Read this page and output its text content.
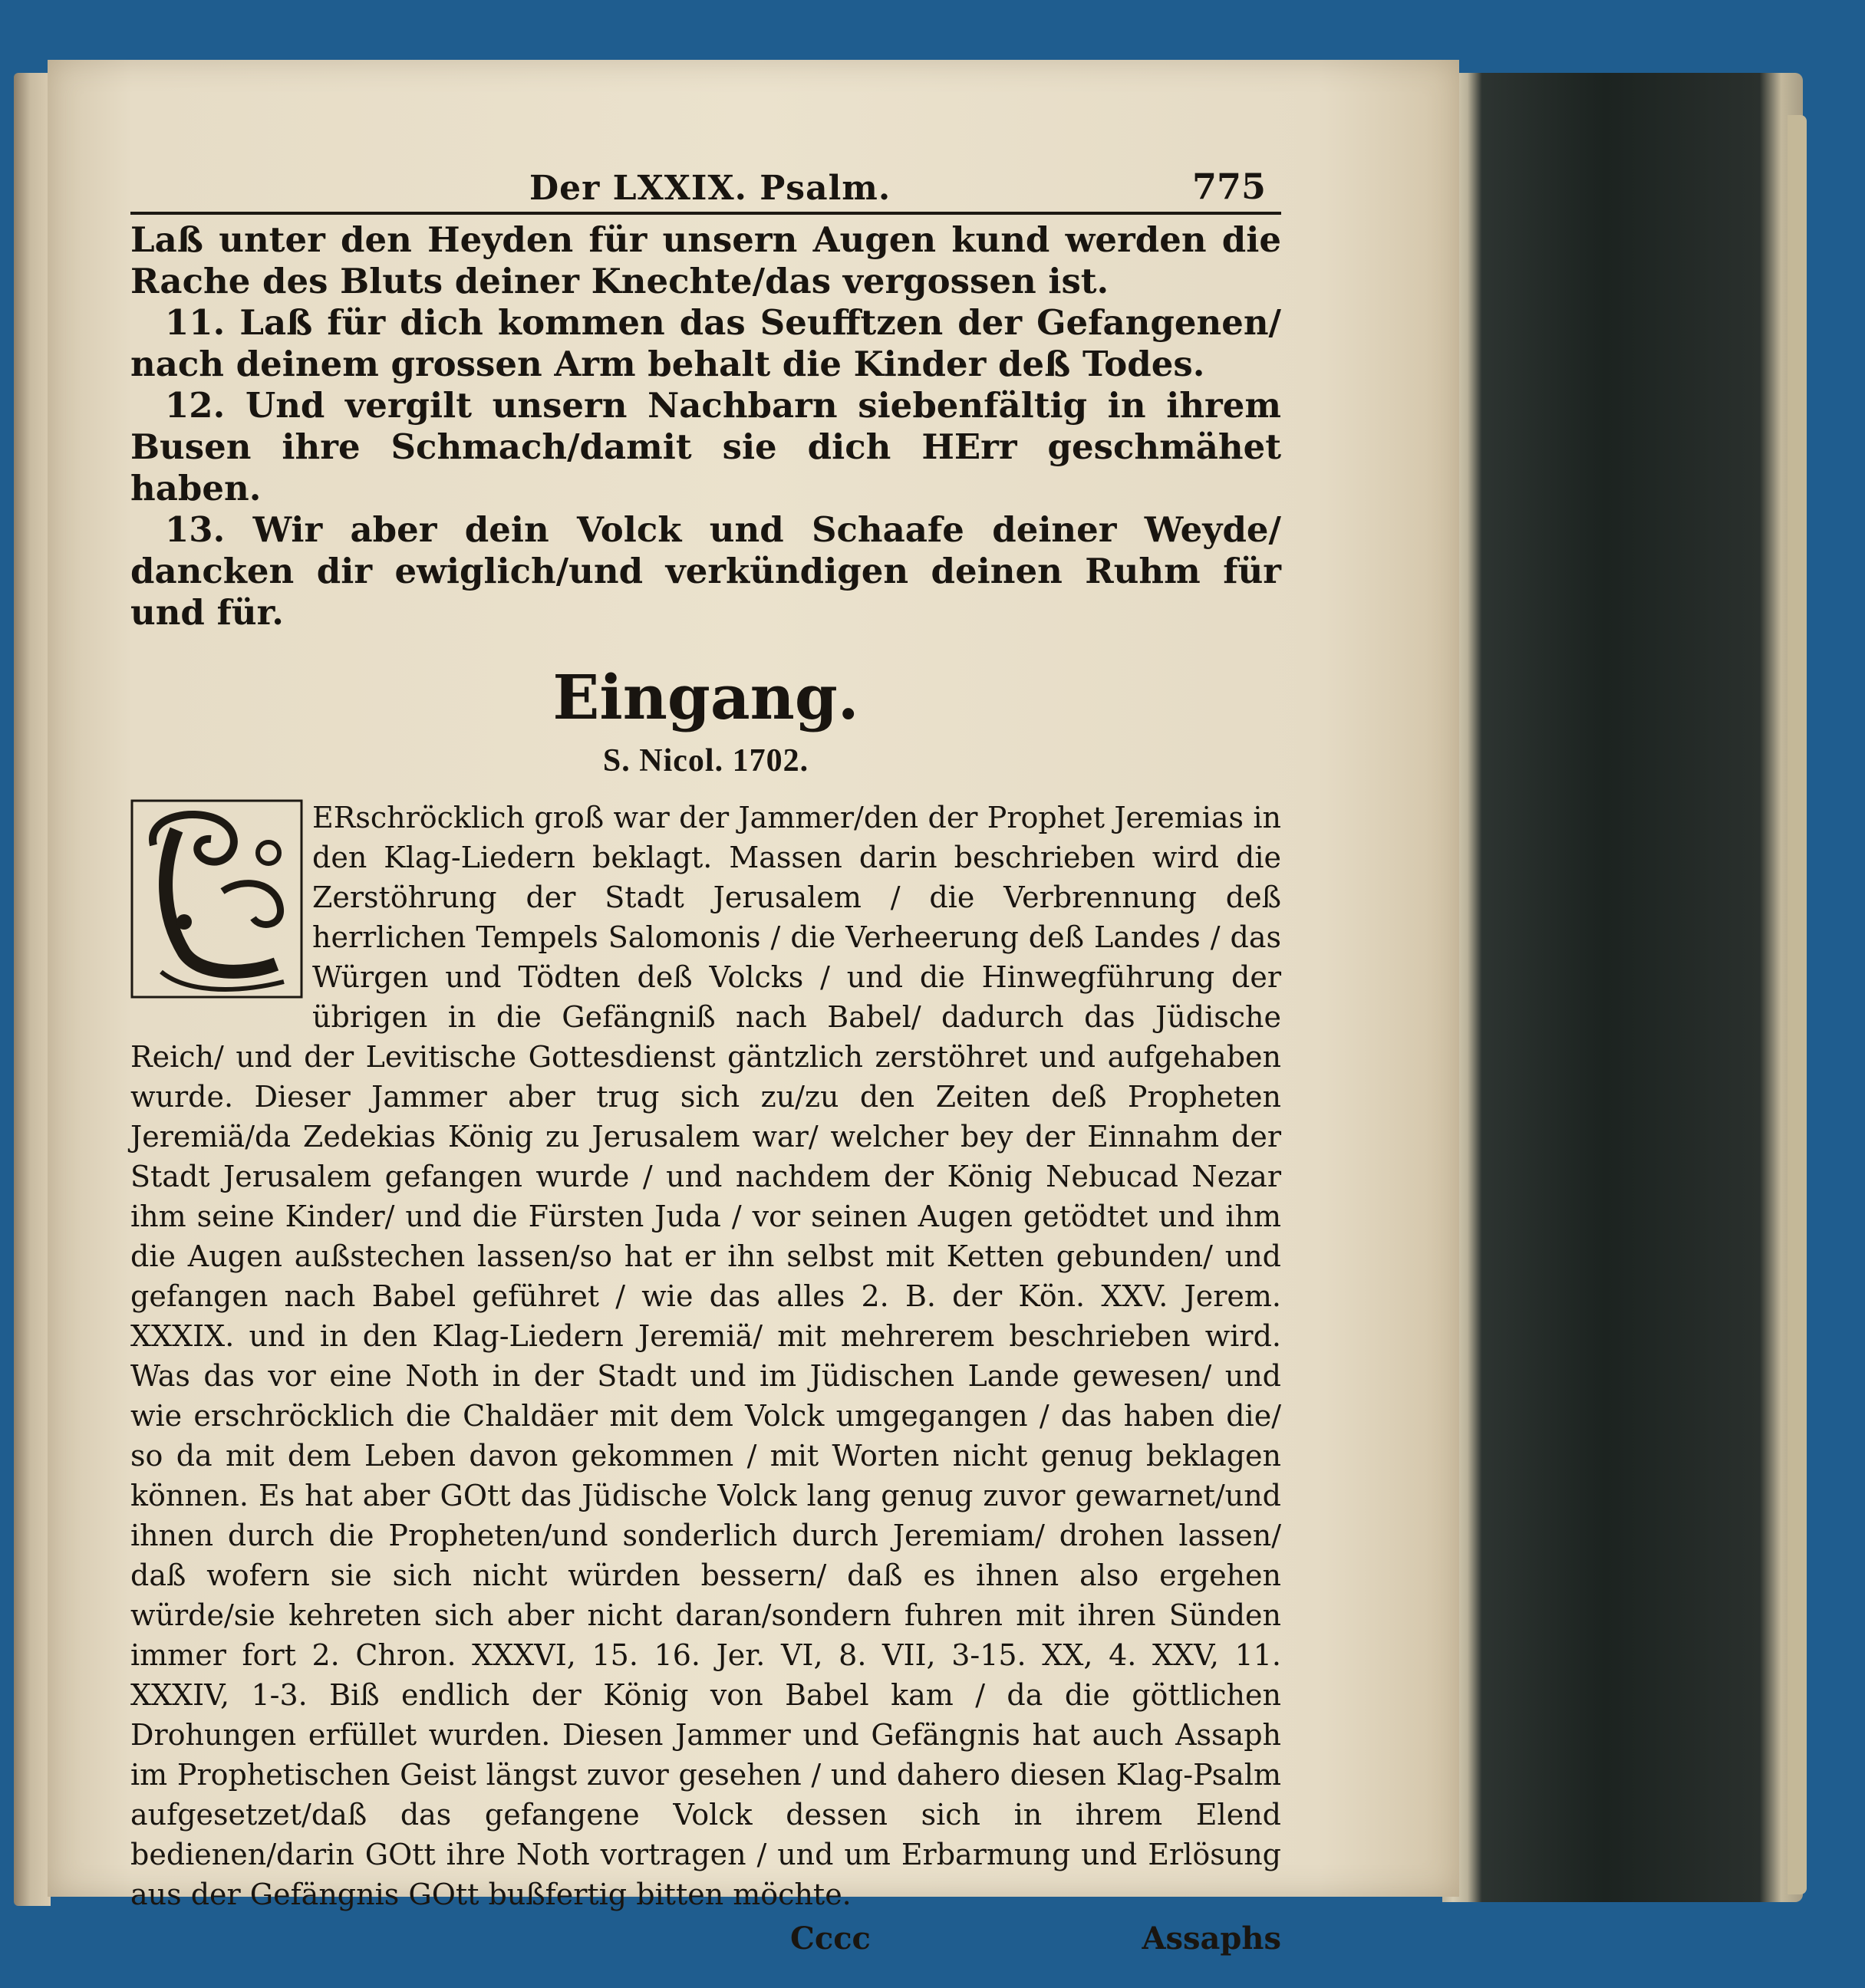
Der LXXIX. Psalm.	775

Laß unter den Heyden für unsern Augen kund werden die Rache des Bluts deiner Knechte/das vergossen ist.

11. Laß für dich kommen das Seufftzen der Gefangenen/ nach deinem grossen Arm behalt die Kinder deß Todes.

12. Und vergilt unsern Nachbarn siebenfältig in ihrem Busen ihre Schmach/damit sie dich HErr geschmähet haben.

13. Wir aber dein Volck und Schaafe deiner Weyde/ dancken dir ewiglich/und verkündigen deinen Ruhm für und für.

Eingang.
S. Nicol. 1702.

ERschröcklich groß war der Jammer/den der Prophet Jeremias in den Klag-Liedern beklagt. Massen darin beschrieben wird die Zerstöhrung der Stadt Jerusalem / die Verbrennung deß herrlichen Tempels Salomonis / die Verheerung deß Landes / das Würgen und Tödten deß Volcks / und die Hinwegführung der übrigen in die Gefängniß nach Babel/ dadurch das Jüdische Reich/ und der Levitische Gottesdienst gäntzlich zerstöhret und aufgehaben wurde. Dieser Jammer aber trug sich zu/zu den Zeiten deß Propheten Jeremiä/da Zedekias König zu Jerusalem war/ welcher bey der Einnahm der Stadt Jerusalem gefangen wurde / und nachdem der König Nebucad Nezar ihm seine Kinder/ und die Fürsten Juda / vor seinen Augen getödtet und ihm die Augen außstechen lassen/so hat er ihn selbst mit Ketten gebunden/ und gefangen nach Babel geführet / wie das alles 2. B. der Kön. XXV. Jerem. XXXIX. und in den Klag-Liedern Jeremiä/ mit mehrerem beschrieben wird. Was das vor eine Noth in der Stadt und im Jüdischen Lande gewesen/ und wie erschröcklich die Chaldäer mit dem Volck umgegangen / das haben die/ so da mit dem Leben davon gekommen / mit Worten nicht genug beklagen können. Es hat aber GOtt das Jüdische Volck lang genug zuvor gewarnet/und ihnen durch die Propheten/und sonderlich durch Jeremiam/ drohen lassen/ daß wofern sie sich nicht würden bessern/ daß es ihnen also ergehen würde/sie kehreten sich aber nicht daran/sondern fuhren mit ihren Sünden immer fort 2. Chron. XXXVI, 15. 16. Jer. VI, 8. VII, 3-15. XX, 4. XXV, 11. XXXIV, 1-3. Biß endlich der König von Babel kam / da die göttlichen Drohungen erfüllet wurden. Diesen Jammer und Gefängnis hat auch Assaph im Prophetischen Geist längst zuvor gesehen / und dahero diesen Klag-Psalm aufgesetzet/daß das gefangene Volck dessen sich in ihrem Elend bedienen/darin GOtt ihre Noth vortragen / und um Erbarmung und Erlösung aus der Gefängnis GOtt bußfertig bitten möchte.

Cccc	Assaphs
